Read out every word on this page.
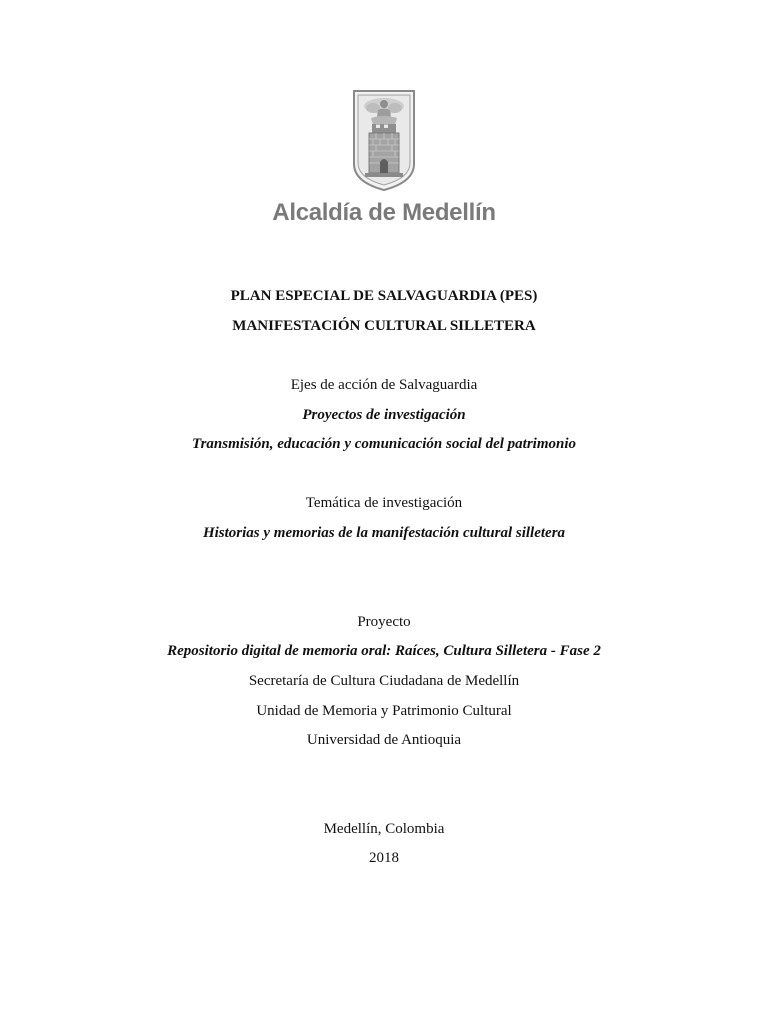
Alcaldía de Medellín
PLAN ESPECIAL DE SALVAGUARDIA (PES)
MANIFESTACIÓN CULTURAL SILLETERA
Ejes de acción de Salvaguardia
Proyectos de investigación
Transmisión, educación y comunicación social del patrimonio
Temática de investigación
Historias y memorias de la manifestación cultural silletera
Proyecto
Repositorio digital de memoria oral: Raíces, Cultura Silletera - Fase 2
Secretaría de Cultura Ciudadana de Medellín
Unidad de Memoria y Patrimonio Cultural
Universidad de Antioquia
Medellín, Colombia
2018
